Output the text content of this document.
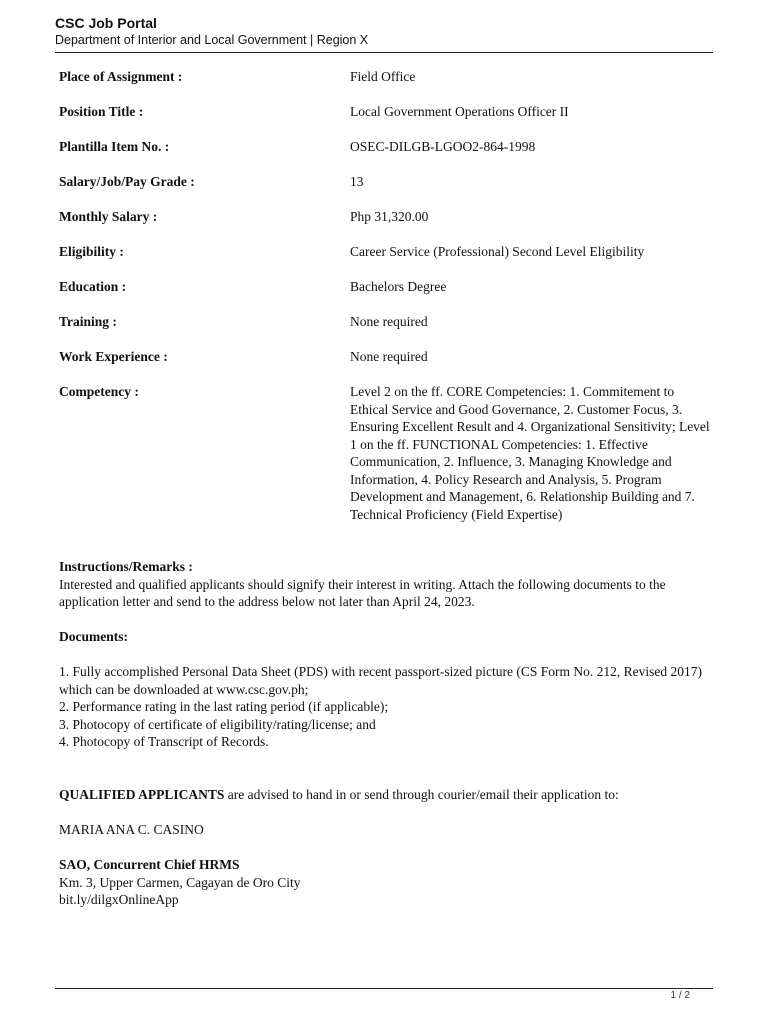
CSC Job Portal
Department of Interior and Local Government | Region X
Place of Assignment :	Field Office
Position Title :	Local Government Operations Officer II
Plantilla Item No. :	OSEC-DILGB-LGOO2-864-1998
Salary/Job/Pay Grade :	13
Monthly Salary :	Php 31,320.00
Eligibility :	Career Service (Professional) Second Level Eligibility
Education :	Bachelors Degree
Training :	None required
Work Experience :	None required
Competency :	Level 2 on the ff. CORE Competencies: 1. Commitement to Ethical Service and Good Governance, 2. Customer Focus, 3. Ensuring Excellent Result and 4. Organizational Sensitivity; Level 1 on the ff. FUNCTIONAL Competencies: 1. Effective Communication, 2. Influence, 3. Managing Knowledge and Information, 4. Policy Research and Analysis, 5. Program Development and Management, 6. Relationship Building and 7. Technical Proficiency (Field Expertise)

Instructions/Remarks :

Interested and qualified applicants should signify their interest in writing. Attach the following documents to the application letter and send to the address below not later than April 24, 2023.

Documents:

1. Fully accomplished Personal Data Sheet (PDS) with recent passport-sized picture (CS Form No. 212, Revised 2017) which can be downloaded at www.csc.gov.ph;

2. Performance rating in the last rating period (if applicable);

3. Photocopy of certificate of eligibility/rating/license; and

4. Photocopy of Transcript of Records.

QUALIFIED APPLICANTS are advised to hand in or send through courier/email their application to:

MARIA ANA C. CASINO

SAO, Concurrent Chief HRMS

Km. 3, Upper Carmen, Cagayan de Oro City

bit.ly/dilgxOnlineApp

1 / 2
